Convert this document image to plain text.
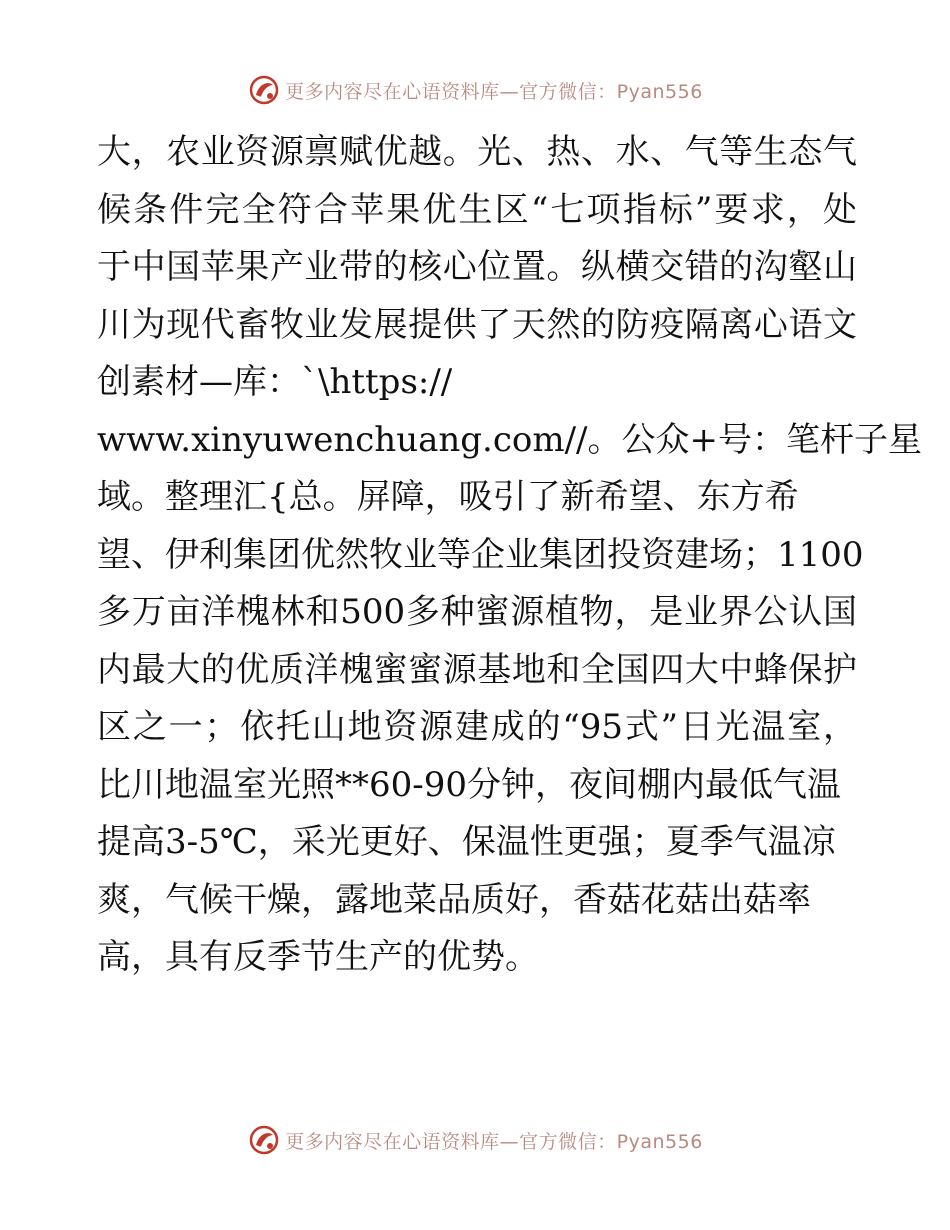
更多内容尽在心语资料库—官方微信：Pyan556
大，农业资源禀赋优越。光、热、水、气等生态气
候条件完全符合苹果优生区“七项指标”要求，处
于中国苹果产业带的核心位置。纵横交错的沟壑山
川为现代畜牧业发展提供了天然的防疫隔离心语文
创素材—库：`\https://
www.xinyuwenchuang.com//。公众+号：笔杆子星
域。整理汇{总。屏障，吸引了新希望、东方希
望、伊利集团优然牧业等企业集团投资建场；1100
多万亩洋槐林和500多种蜜源植物，是业界公认国
内最大的优质洋槐蜜蜜源基地和全国四大中蜂保护
区之一；依托山地资源建成的“95式”日光温室，
比川地温室光照**60-90分钟，夜间棚内最低气温
提高3-5℃，采光更好、保温性更强；夏季气温凉
爽，气候干燥，露地菜品质好，香菇花菇出菇率
高，具有反季节生产的优势。
更多内容尽在心语资料库—官方微信：Pyan556
